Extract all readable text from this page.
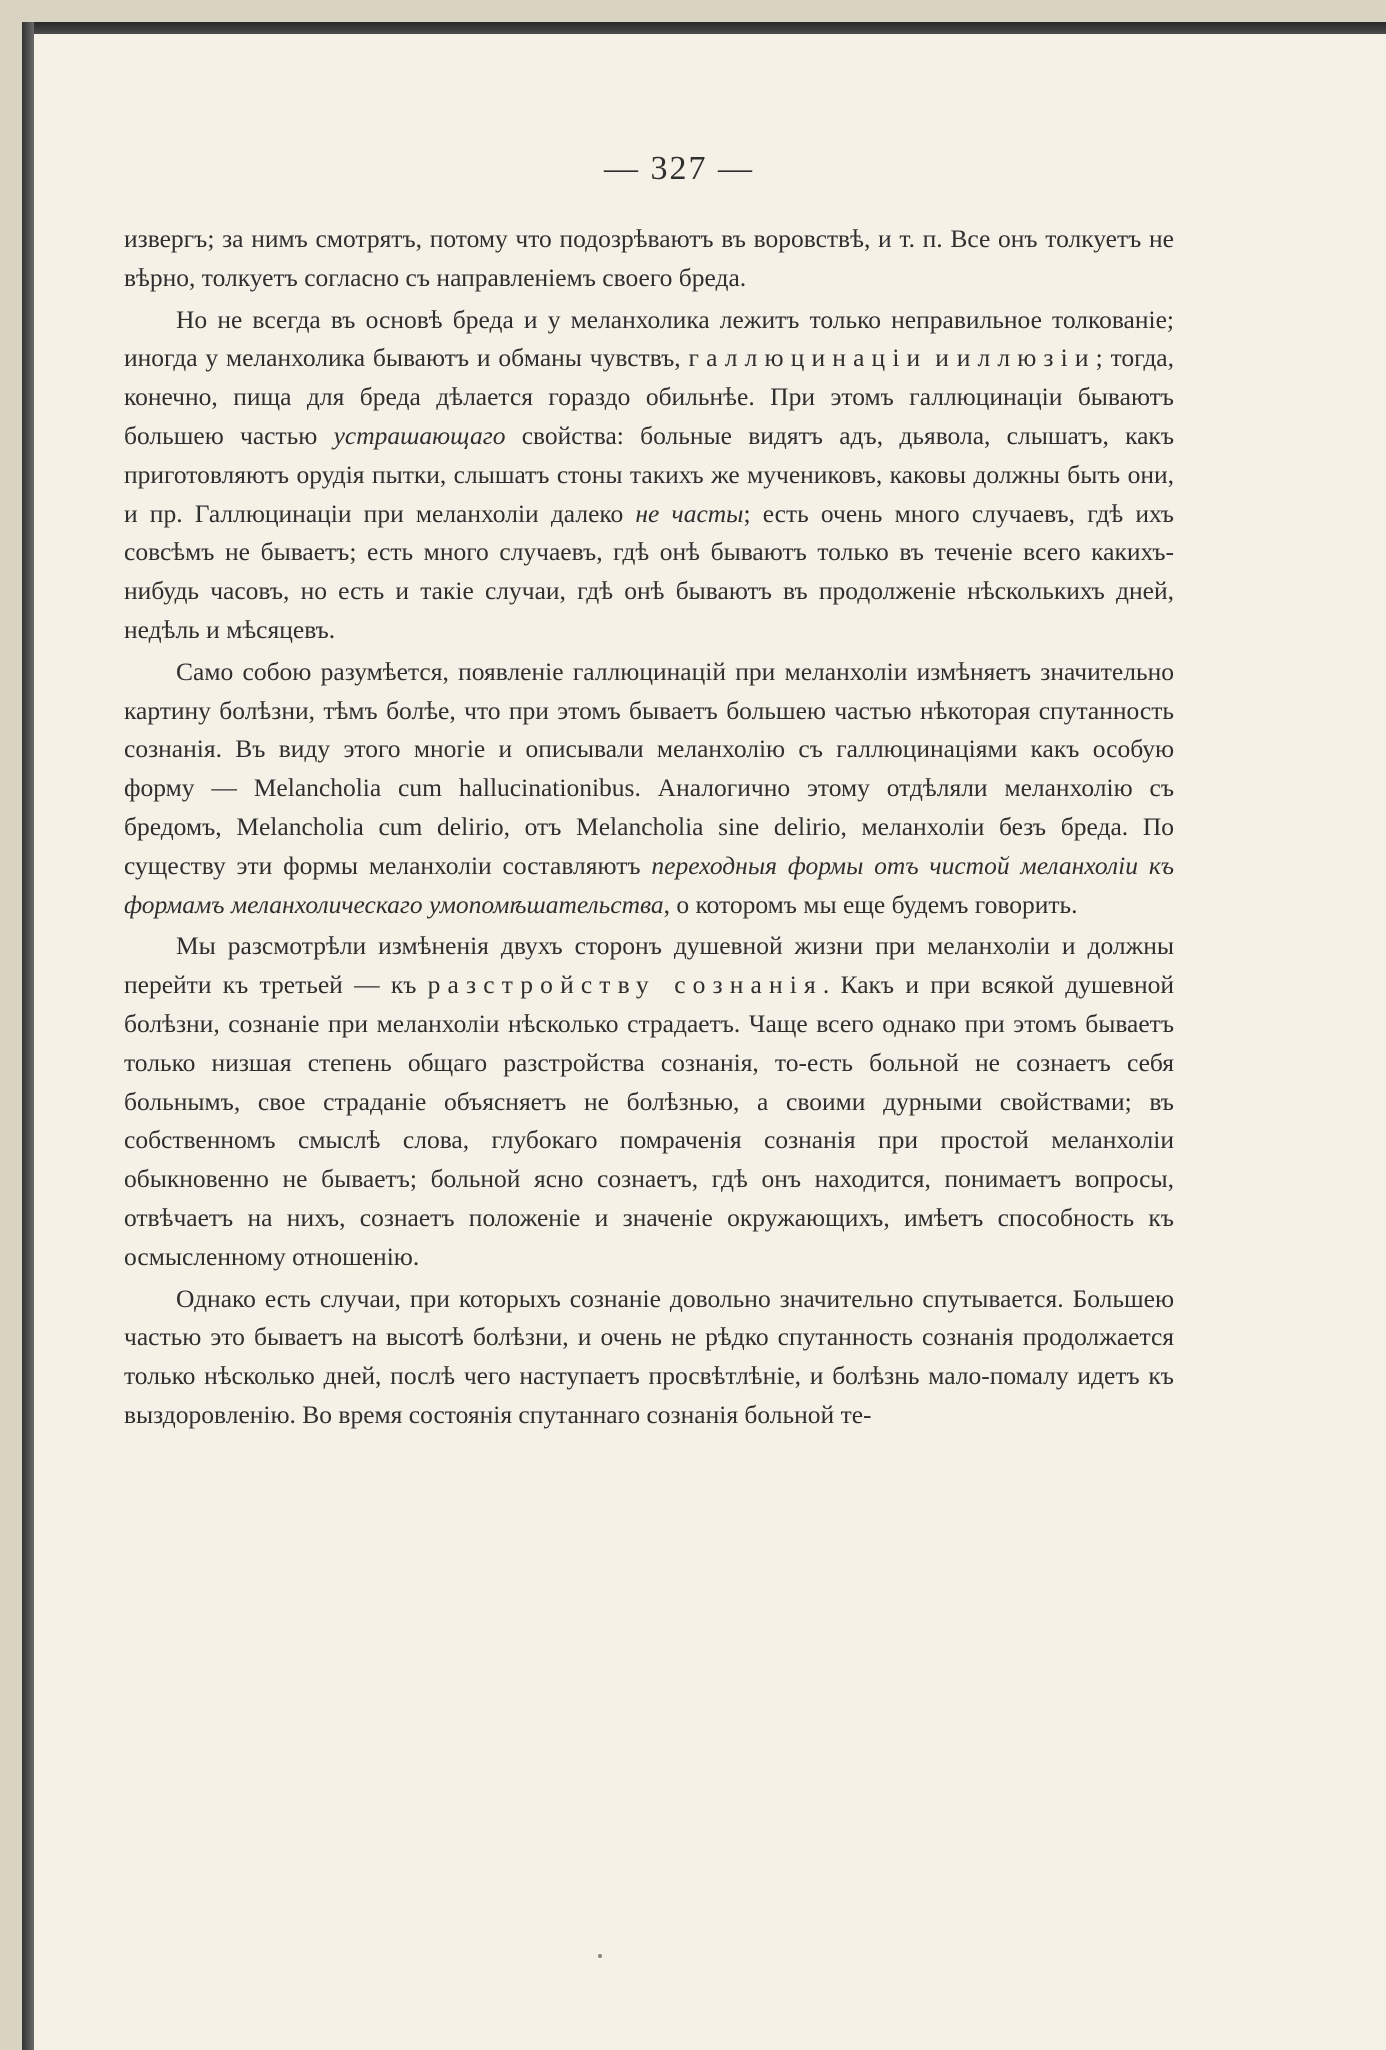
— 327 —

извергъ; за нимъ смотрятъ, потому что подозрѣваютъ въ воровствѣ, и т. п. Все онъ толкуетъ не вѣрно, толкуетъ согласно съ направленіемъ своего бреда.

Но не всегда въ основѣ бреда и у меланхолика лежитъ только неправильное толкованіе; иногда у меланхолика бываютъ и обманы чувствъ, галлюцинаціи и иллюзіи; тогда, конечно, пища для бреда дѣлается гораздо обильнѣе. При этомъ галлюцинаціи бываютъ большею частью устрашающаго свойства: больные видятъ адъ, дьявола, слышатъ, какъ приготовляютъ орудія пытки, слышатъ стоны такихъ же мучениковъ, каковы должны быть они, и пр. Галлюцинаціи при меланхоліи далеко не часты; есть очень много случаевъ, гдѣ ихъ совсѣмъ не бываетъ; есть много случаевъ, гдѣ онѣ бываютъ только въ теченіе всего какихъ-нибудь часовъ, но есть и такіе случаи, гдѣ онѣ бываютъ въ продолженіе нѣсколькихъ дней, недѣль и мѣсяцевъ.

Само собою разумѣется, появленіе галлюцинацій при меланхоліи измѣняетъ значительно картину болѣзни, тѣмъ болѣе, что при этомъ бываетъ большею частью нѣкоторая спутанность сознанія. Въ виду этого многіе и описывали меланхолію съ галлюцинаціями какъ особую форму — Melancholia cum hallucinationibus. Аналогично этому отдѣляли меланхолію съ бредомъ, Melancholia cum delirio, отъ Melancholia sine delirio, меланхоліи безъ бреда. По существу эти формы меланхоліи составляютъ переходныя формы отъ чистой меланхоліи къ формамъ меланхолическаго умопомѣшательства, о которомъ мы еще будемъ говорить.

Мы разсмотрѣли измѣненія двухъ сторонъ душевной жизни при меланхоліи и должны перейти къ третьей — къ разстройству сознанія. Какъ и при всякой душевной болѣзни, сознаніе при меланхоліи нѣсколько страдаетъ. Чаще всего однако при этомъ бываетъ только низшая степень общаго разстройства сознанія, то-есть больной не сознаетъ себя больнымъ, свое страданіе объясняетъ не болѣзнью, а своими дурными свойствами; въ собственномъ смыслѣ слова, глубокаго помраченія сознанія при простой меланхоліи обыкновенно не бываетъ; больной ясно сознаетъ, гдѣ онъ находится, понимаетъ вопросы, отвѣчаетъ на нихъ, сознаетъ положеніе и значеніе окружающихъ, имѣетъ способность къ осмысленному отношенію.

Однако есть случаи, при которыхъ сознаніе довольно значительно спутывается. Большею частью это бываетъ на высотѣ болѣзни, и очень не рѣдко спутанность сознанія продолжается только нѣсколько дней, послѣ чего наступаетъ просвѣтлѣніе, и болѣзнь мало-помалу идетъ къ выздоровленію. Во время состоянія спутаннаго сознанія больной те-
